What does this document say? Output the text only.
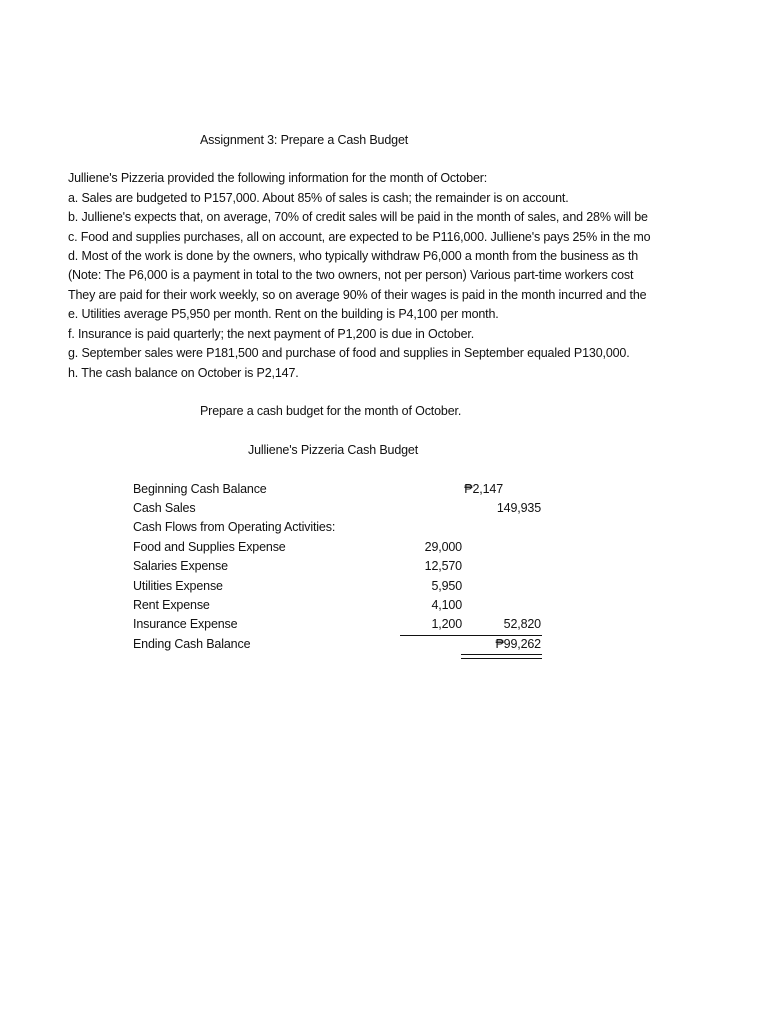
Assignment 3: Prepare a Cash Budget
Julliene's Pizzeria provided the following information for the month of October:
a. Sales are budgeted to P157,000. About 85% of sales is cash; the remainder is on account.
b. Julliene's expects that, on average, 70% of credit sales will be paid in the month of sales, and 28% will be
c. Food and supplies purchases, all on account, are expected to be P116,000. Julliene's pays 25% in the mo
d. Most of the work is done by the owners, who typically withdraw P6,000 a month from the business as th
(Note: The P6,000 is a payment in total to the two owners, not per person) Various part-time workers cost
They are paid for their work weekly, so on average 90% of their wages is paid in the month incurred and the
e. Utilities average P5,950 per month. Rent on the building is P4,100 per month.
f. Insurance is paid quarterly; the next payment of P1,200 is due in October.
g. September sales were P181,500 and purchase of food and supplies in September equaled P130,000.
h. The cash balance on October is P2,147.
Prepare a cash budget for the month of October.
Julliene's Pizzeria Cash Budget
Beginning Cash Balance	₱2,147
Cash Sales	149,935
Cash Flows from Operating Activities:
Food and Supplies Expense	29,000
Salaries Expense	12,570
Utilities Expense	5,950
Rent Expense	4,100
Insurance Expense	1,200	52,820
Ending Cash Balance	₱99,262
